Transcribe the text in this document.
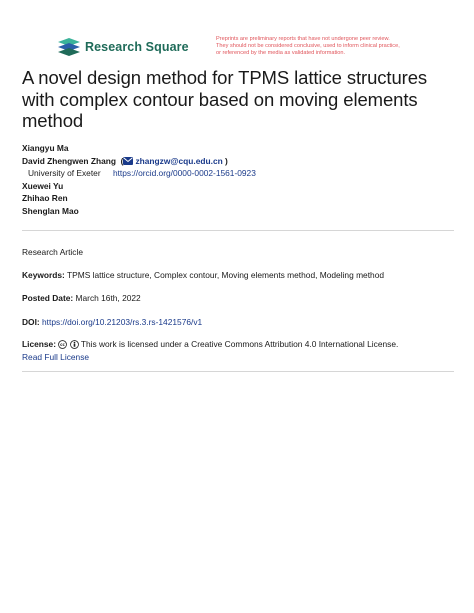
Research Square
Preprints are preliminary reports that have not undergone peer review.
They should not be considered conclusive, used to inform clinical practice,
or referenced by the media as validated information.
A novel design method for TPMS lattice structures with complex contour based on moving elements method
Xiangyu Ma
David Zhengwen Zhang  ( zhangzw@cqu.edu.cn )
University of Exeter https://orcid.org/0000-0002-1561-0923
Xuewei Yu
Zhihao Ren
Shenglan Mao
Research Article
Keywords: TPMS lattice structure, Complex contour, Moving elements method, Modeling method
Posted Date: March 16th, 2022
DOI: https://doi.org/10.21203/rs.3.rs-1421576/v1
License: cc This work is licensed under a Creative Commons Attribution 4.0 International License.
Read Full License
